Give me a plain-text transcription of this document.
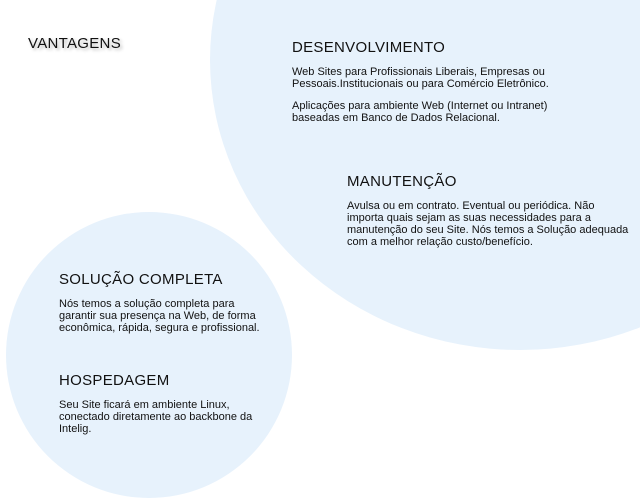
VANTAGENS	DESENVOLVIMENTO

Web Sites para Profissionais Liberais, Empresas ou Pessoais.Institucionais ou para Comércio Eletrônico.

Aplicações para ambiente Web (Internet ou Intranet) baseadas em Banco de Dados Relacional.

MANUTENÇÃO

Avulsa ou em contrato. Eventual ou periódica. Não importa quais sejam as suas necessidades para a manutenção do seu Site. Nós temos a Solução adequada com a melhor relação custo/benefício.

SOLUÇÃO COMPLETA

Nós temos a solução completa para garantir sua presença na Web, de forma econômica, rápida, segura e profissional.

HOSPEDAGEM

Seu Site ficará em ambiente Linux, conectado diretamente ao backbone da Intelig.
